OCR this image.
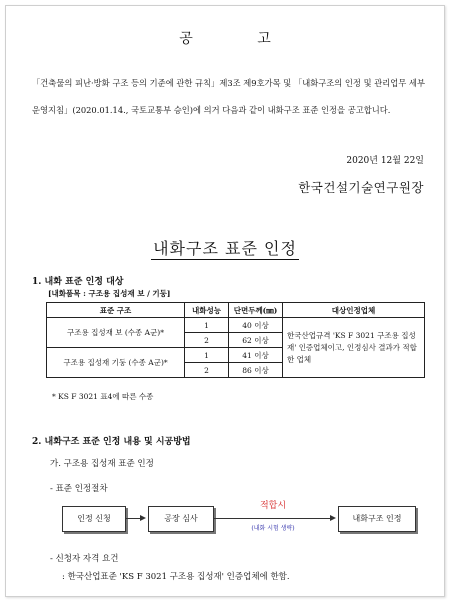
공 고
「건축물의 피난·방화 구조 등의 기준에 관한 규칙」제3조 제9호가목 및 「내화구조의 인정 및 관리업무 세부운영지침」(2020.01.14., 국토교통부 승인)에 의거 다음과 같이 내화구조 표준 인정을 공고합니다.
2020년 12월 22일
한국건설기술연구원장
내화구조 표준 인정
1. 내화 표준 인정 대상
[내화품목 : 구조용 집성재 보 / 기둥]
표준 구조	내화성능	단면두께(㎜)	대상인정업체
구조용 집성재 보 (수종 A군)*	1	40 이상	한국산업규격 'KS F 3021 구조용 집성재' 인증업체이고, 인정심사 결과가 적합한 업체
	2	62 이상	
구조용 집성재 기둥 (수종 A군)*	1	41 이상	
	2	86 이상	
* KS F 3021 표4에 따른 수종
2. 내화구조 표준 인정 내용 및 시공방법
가. 구조용 집성재 표준 인정
- 표준 인정절차
인정 신청	공장 심사
적합시
(내화 시험 생략)
내화구조 인정
- 신청자 자격 요건
: 한국산업표준 'KS F 3021 구조용 집성재' 인증업체에 한함.
